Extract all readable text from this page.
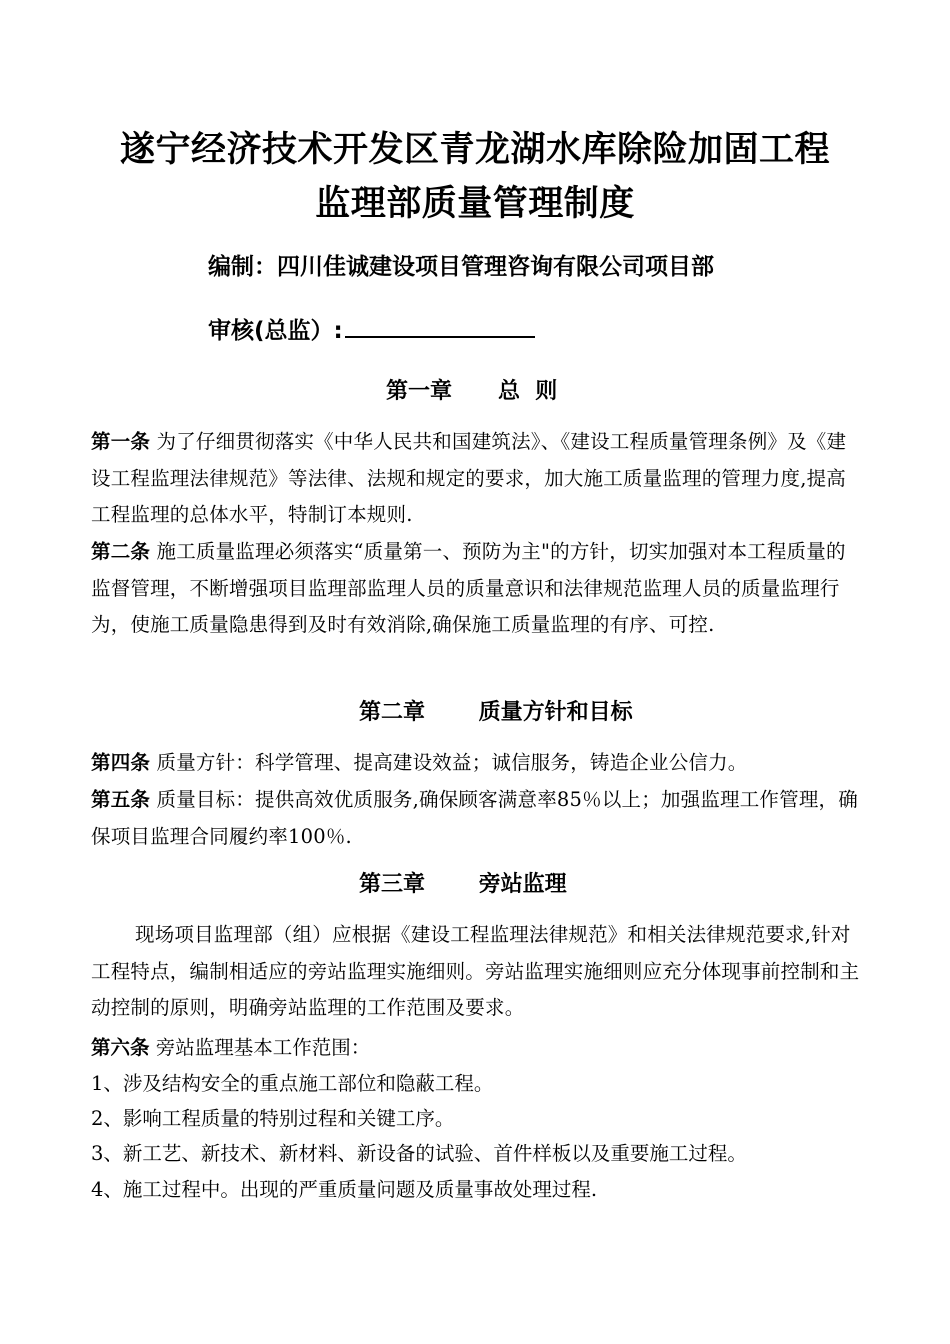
遂宁经济技术开发区青龙湖水库除险加固工程
监理部质量管理制度
编制：四川佳诚建设项目管理咨询有限公司项目部
审核(总监）:
第一章      总  则
第一条 为了仔细贯彻落实《中华人民共和国建筑法》、《建设工程质量管理条例》及《建设工程监理法律规范》等法律、法规和规定的要求，加大施工质量监理的管理力度,提高工程监理的总体水平，特制订本规则.
第二条 施工质量监理必须落实“质量第一、预防为主"的方针，切实加强对本工程质量的监督管理，不断增强项目监理部监理人员的质量意识和法律规范监理人员的质量监理行为，使施工质量隐患得到及时有效消除,确保施工质量监理的有序、可控.
第二章       质量方针和目标
第四条 质量方针：科学管理、提高建设效益；诚信服务，铸造企业公信力。
第五条 质量目标：提供高效优质服务,确保顾客满意率85％以上；加强监理工作管理，确保项目监理合同履约率100％.
第三章       旁站监理
现场项目监理部（组）应根据《建设工程监理法律规范》和相关法律规范要求,针对工程特点，编制相适应的旁站监理实施细则。旁站监理实施细则应充分体现事前控制和主动控制的原则，明确旁站监理的工作范围及要求。
第六条 旁站监理基本工作范围：
1、涉及结构安全的重点施工部位和隐蔽工程。
2、影响工程质量的特别过程和关键工序。
3、新工艺、新技术、新材料、新设备的试验、首件样板以及重要施工过程。
4、施工过程中。出现的严重质量问题及质量事故处理过程.
